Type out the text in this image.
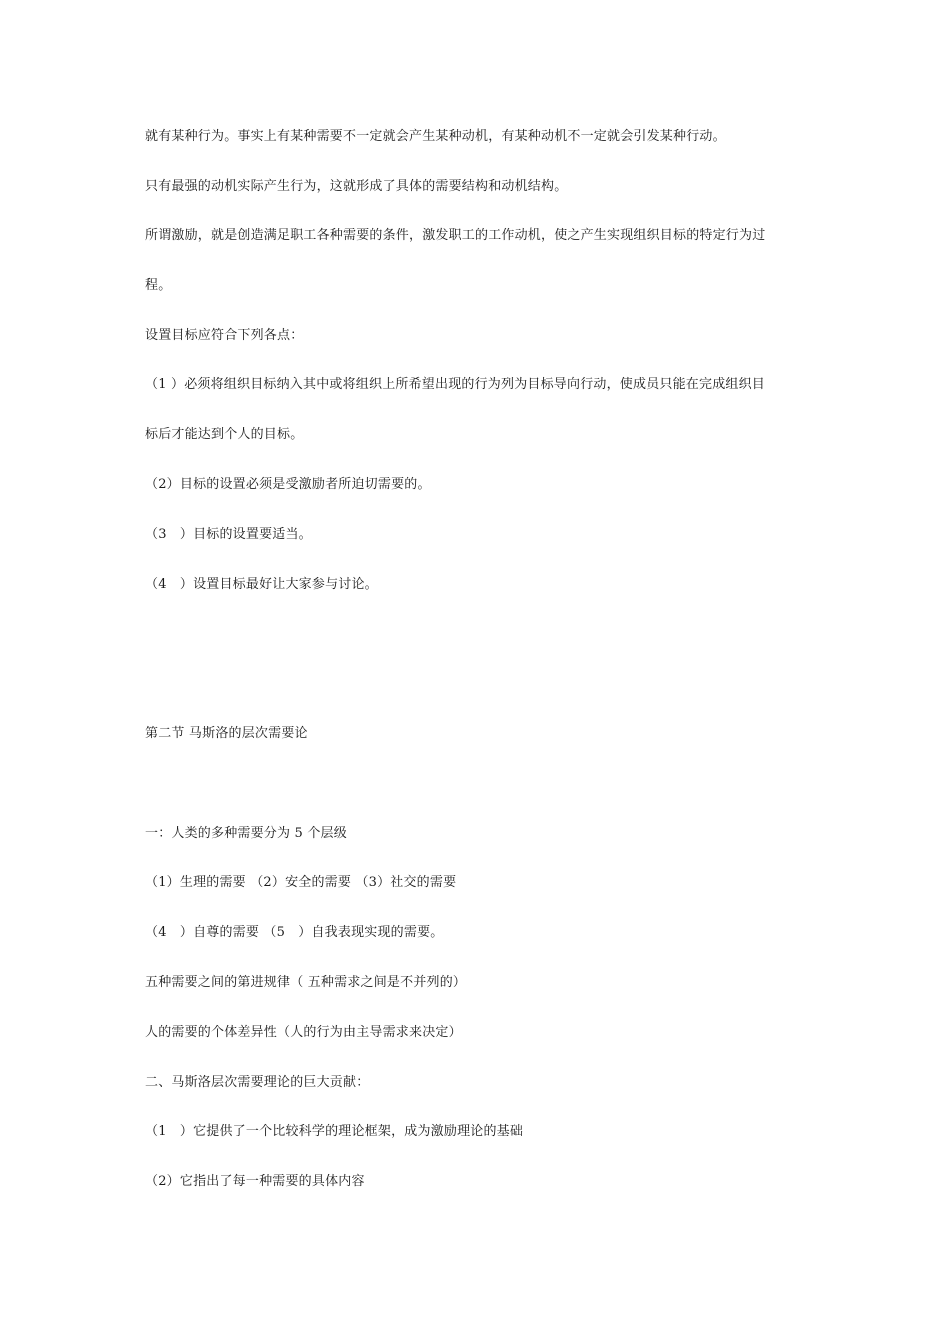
就有某种行为。事实上有某种需要不一定就会产生某种动机，有某种动机不一定就会引发某种行动。
只有最强的动机实际产生行为，这就形成了具体的需要结构和动机结构。
所谓激励，就是创造满足职工各种需要的条件，激发职工的工作动机，使之产生实现组织目标的特定行为过
程。
设置目标应符合下列各点：
（1 ）必须将组织目标纳入其中或将组织上所希望出现的行为列为目标导向行动，使成员只能在完成组织目
标后才能达到个人的目标。
（2）目标的设置必须是受激励者所迫切需要的。
（3　）目标的设置要适当。
（4　）设置目标最好让大家参与讨论。
第二节 马斯洛的层次需要论
一：人类的多种需要分为 5 个层级
（1）生理的需要 （2）安全的需要 （3）社交的需要
（4　）自尊的需要 （5　）自我表现实现的需要。
五种需要之间的第进规律（ 五种需求之间是不并列的）
人的需要的个体差异性（人的行为由主导需求来决定）
二、马斯洛层次需要理论的巨大贡献：
（1　）它提供了一个比较科学的理论框架，成为激励理论的基础
（2）它指出了每一种需要的具体内容
